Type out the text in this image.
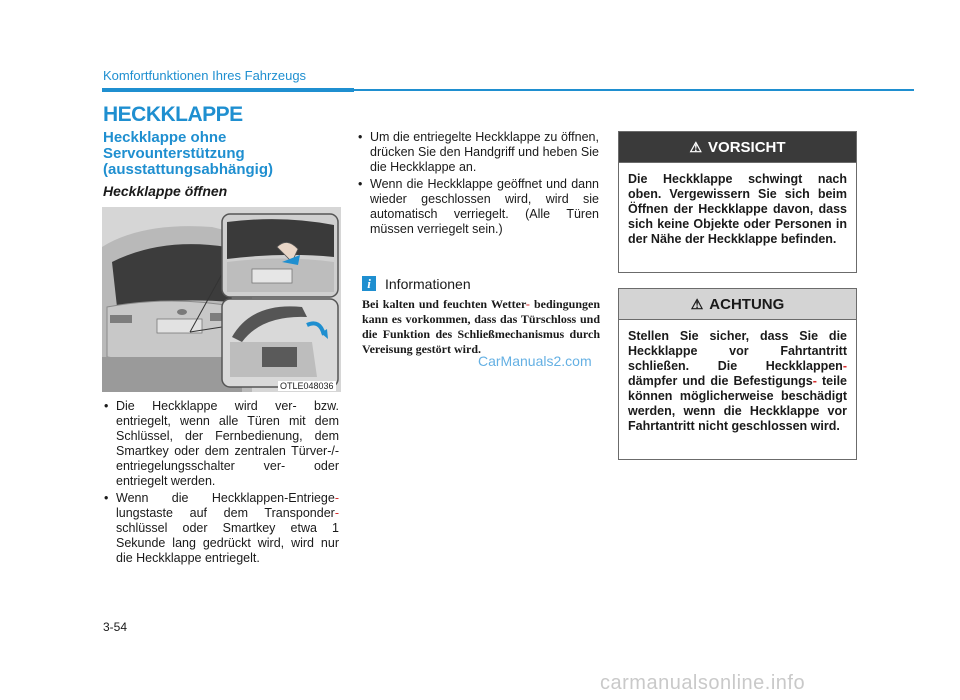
Komfortfunktionen Ihres Fahrzeugs
HECKKLAPPE
Heckklappe ohne Servounterstützung (ausstattungsabhängig)
Heckklappe öffnen
OTLE048036
• Die Heckklappe wird ver- bzw. entriegelt, wenn alle Türen mit dem Schlüssel, der Fernbedienung, dem Smartkey oder dem zentralen Türver-/-entriegelungsschalter ver- oder entriegelt werden.
• Wenn die Heckklappen-Entriege- lungstaste auf dem Transponder- schlüssel oder Smartkey etwa 1 Sekunde lang gedrückt wird, wird nur die Heckklappe entriegelt.
• Um die entriegelte Heckklappe zu öffnen, drücken Sie den Handgriff und heben Sie die Heckklappe an.
• Wenn die Heckklappe geöffnet und dann wieder geschlossen wird, wird sie automatisch verriegelt. (Alle Türen müssen verriegelt sein.)
i	Informationen
Bei kalten und feuchten Wetter- bedingungen kann es vorkommen, dass das Türschloss und die Funktion des Schließmechanismus durch Vereisung gestört wird.
CarManuals2.com
⚠ VORSICHT
Die Heckklappe schwingt nach oben. Vergewissern Sie sich beim Öffnen der Heckklappe davon, dass sich keine Objekte oder Personen in der Nähe der Heckklappe befinden.
⚠ ACHTUNG
Stellen Sie sicher, dass Sie die Heckklappe vor Fahrtantritt schließen. Die Heckklappen- dämpfer und die Befestigungs- teile können möglicherweise beschädigt werden, wenn die Heckklappe vor Fahrtantritt nicht geschlossen wird.
3-54
carmanualsonline.info
